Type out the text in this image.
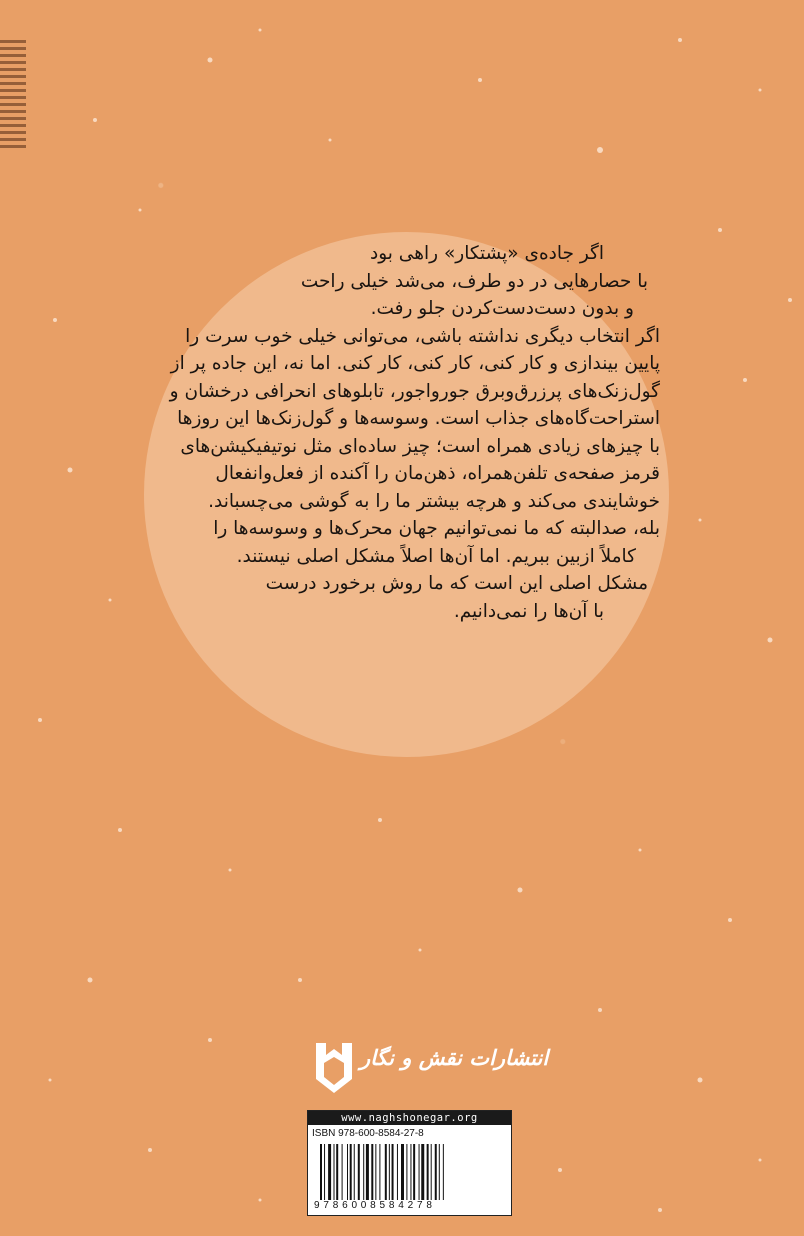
اگر جاده‌ی «پشتکار» راهی بود
با حصارهایی در دو طرف، می‌شد خیلی راحت
و بدون دست‌دست‌کردن جلو رفت.
اگر انتخاب دیگری نداشته باشی، می‌توانی خیلی خوب سرت را
پایین بیندازی و کار کنی، کار کنی، کار کنی. اما نه، این جاده پر از
گول‌زنک‌های پرزرق‌وبرق جورواجور، تابلوهای انحرافی درخشان و
استراحت‌گاه‌های جذاب است. وسوسه‌ها و گول‌زنک‌ها این روزها
با چیزهای زیادی همراه است؛ چیز ساده‌ای مثل نوتیفیکیشن‌های
قرمز صفحه‌ی تلفن‌همراه، ذهن‌مان را آکنده از فعل‌وانفعال
خوشایندی می‌کند و هرچه بیشتر ما را به گوشی می‌چسباند.
بله، صدالبته که ما نمی‌توانیم جهان محرک‌ها و وسوسه‌ها را
کاملاً ازبین ببریم. اما آن‌ها اصلاً مشکل اصلی نیستند.
مشکل اصلی این است که ما روش برخورد درست
با آن‌ها را نمی‌دانیم.
انتشارات نقش و نگار
www.naghshonegar.org
ISBN 978-600-8584-27-8
9786008584278
